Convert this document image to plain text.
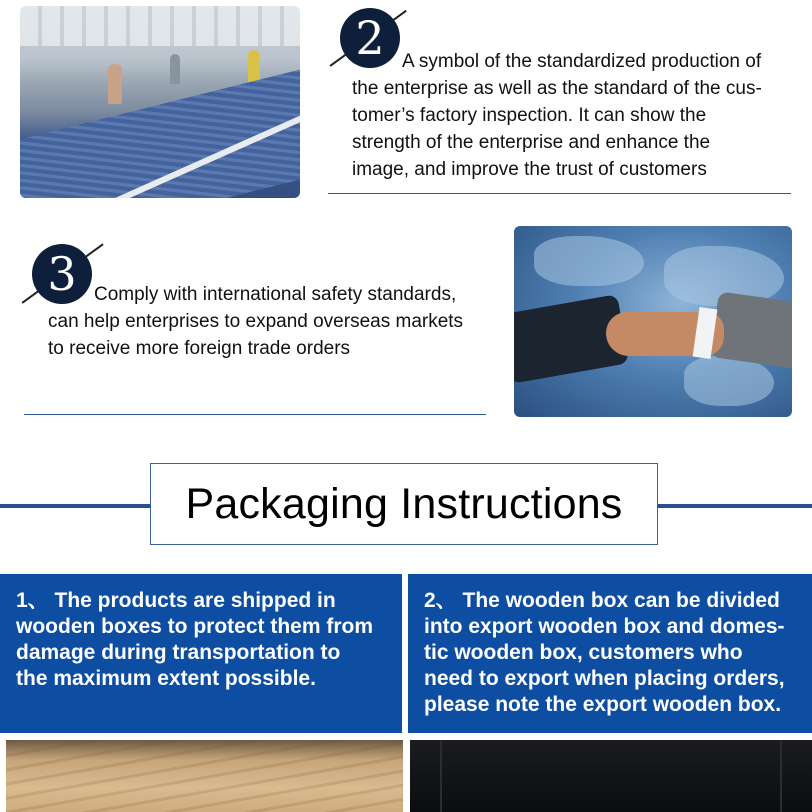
2 A symbol of the standardized production of
the enterprise as well as the standard of the cus-
tomer’s factory inspection. It can show the
strength of the enterprise and enhance the
image, and improve the trust of customers
3 Comply with international safety standards,
can help enterprises to expand overseas markets
to receive more foreign trade orders
Packaging Instructions
1、 The products are shipped in
wooden boxes to protect them from
damage during transportation to
the maximum extent possible.
2、 The wooden box can be divided
into export wooden box and domes-
tic wooden box, customers who
need to export when placing orders,
please note the export wooden box.
